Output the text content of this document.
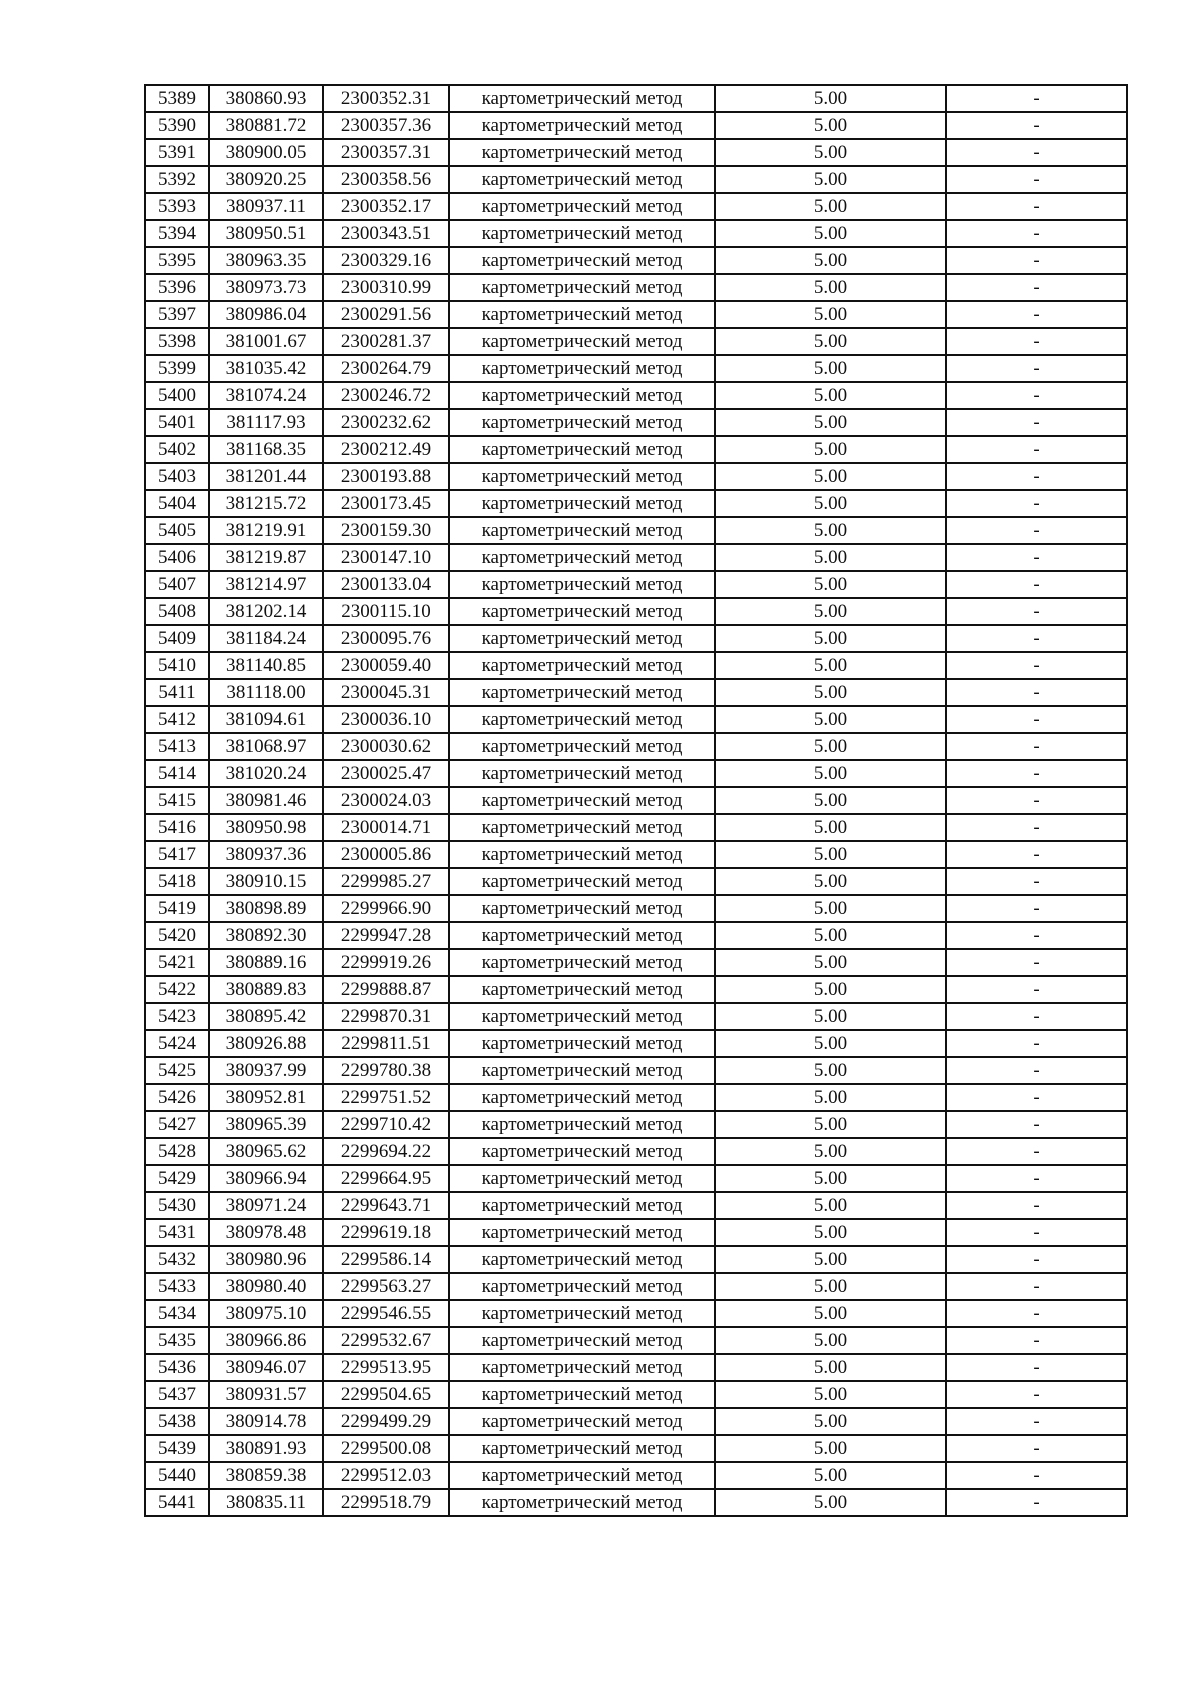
5389	380860.93	2300352.31	картометрический метод	5.00	-
5390	380881.72	2300357.36	картометрический метод	5.00	-
5391	380900.05	2300357.31	картометрический метод	5.00	-
5392	380920.25	2300358.56	картометрический метод	5.00	-
5393	380937.11	2300352.17	картометрический метод	5.00	-
5394	380950.51	2300343.51	картометрический метод	5.00	-
5395	380963.35	2300329.16	картометрический метод	5.00	-
5396	380973.73	2300310.99	картометрический метод	5.00	-
5397	380986.04	2300291.56	картометрический метод	5.00	-
5398	381001.67	2300281.37	картометрический метод	5.00	-
5399	381035.42	2300264.79	картометрический метод	5.00	-
5400	381074.24	2300246.72	картометрический метод	5.00	-
5401	381117.93	2300232.62	картометрический метод	5.00	-
5402	381168.35	2300212.49	картометрический метод	5.00	-
5403	381201.44	2300193.88	картометрический метод	5.00	-
5404	381215.72	2300173.45	картометрический метод	5.00	-
5405	381219.91	2300159.30	картометрический метод	5.00	-
5406	381219.87	2300147.10	картометрический метод	5.00	-
5407	381214.97	2300133.04	картометрический метод	5.00	-
5408	381202.14	2300115.10	картометрический метод	5.00	-
5409	381184.24	2300095.76	картометрический метод	5.00	-
5410	381140.85	2300059.40	картометрический метод	5.00	-
5411	381118.00	2300045.31	картометрический метод	5.00	-
5412	381094.61	2300036.10	картометрический метод	5.00	-
5413	381068.97	2300030.62	картометрический метод	5.00	-
5414	381020.24	2300025.47	картометрический метод	5.00	-
5415	380981.46	2300024.03	картометрический метод	5.00	-
5416	380950.98	2300014.71	картометрический метод	5.00	-
5417	380937.36	2300005.86	картометрический метод	5.00	-
5418	380910.15	2299985.27	картометрический метод	5.00	-
5419	380898.89	2299966.90	картометрический метод	5.00	-
5420	380892.30	2299947.28	картометрический метод	5.00	-
5421	380889.16	2299919.26	картометрический метод	5.00	-
5422	380889.83	2299888.87	картометрический метод	5.00	-
5423	380895.42	2299870.31	картометрический метод	5.00	-
5424	380926.88	2299811.51	картометрический метод	5.00	-
5425	380937.99	2299780.38	картометрический метод	5.00	-
5426	380952.81	2299751.52	картометрический метод	5.00	-
5427	380965.39	2299710.42	картометрический метод	5.00	-
5428	380965.62	2299694.22	картометрический метод	5.00	-
5429	380966.94	2299664.95	картометрический метод	5.00	-
5430	380971.24	2299643.71	картометрический метод	5.00	-
5431	380978.48	2299619.18	картометрический метод	5.00	-
5432	380980.96	2299586.14	картометрический метод	5.00	-
5433	380980.40	2299563.27	картометрический метод	5.00	-
5434	380975.10	2299546.55	картометрический метод	5.00	-
5435	380966.86	2299532.67	картометрический метод	5.00	-
5436	380946.07	2299513.95	картометрический метод	5.00	-
5437	380931.57	2299504.65	картометрический метод	5.00	-
5438	380914.78	2299499.29	картометрический метод	5.00	-
5439	380891.93	2299500.08	картометрический метод	5.00	-
5440	380859.38	2299512.03	картометрический метод	5.00	-
5441	380835.11	2299518.79	картометрический метод	5.00	-
